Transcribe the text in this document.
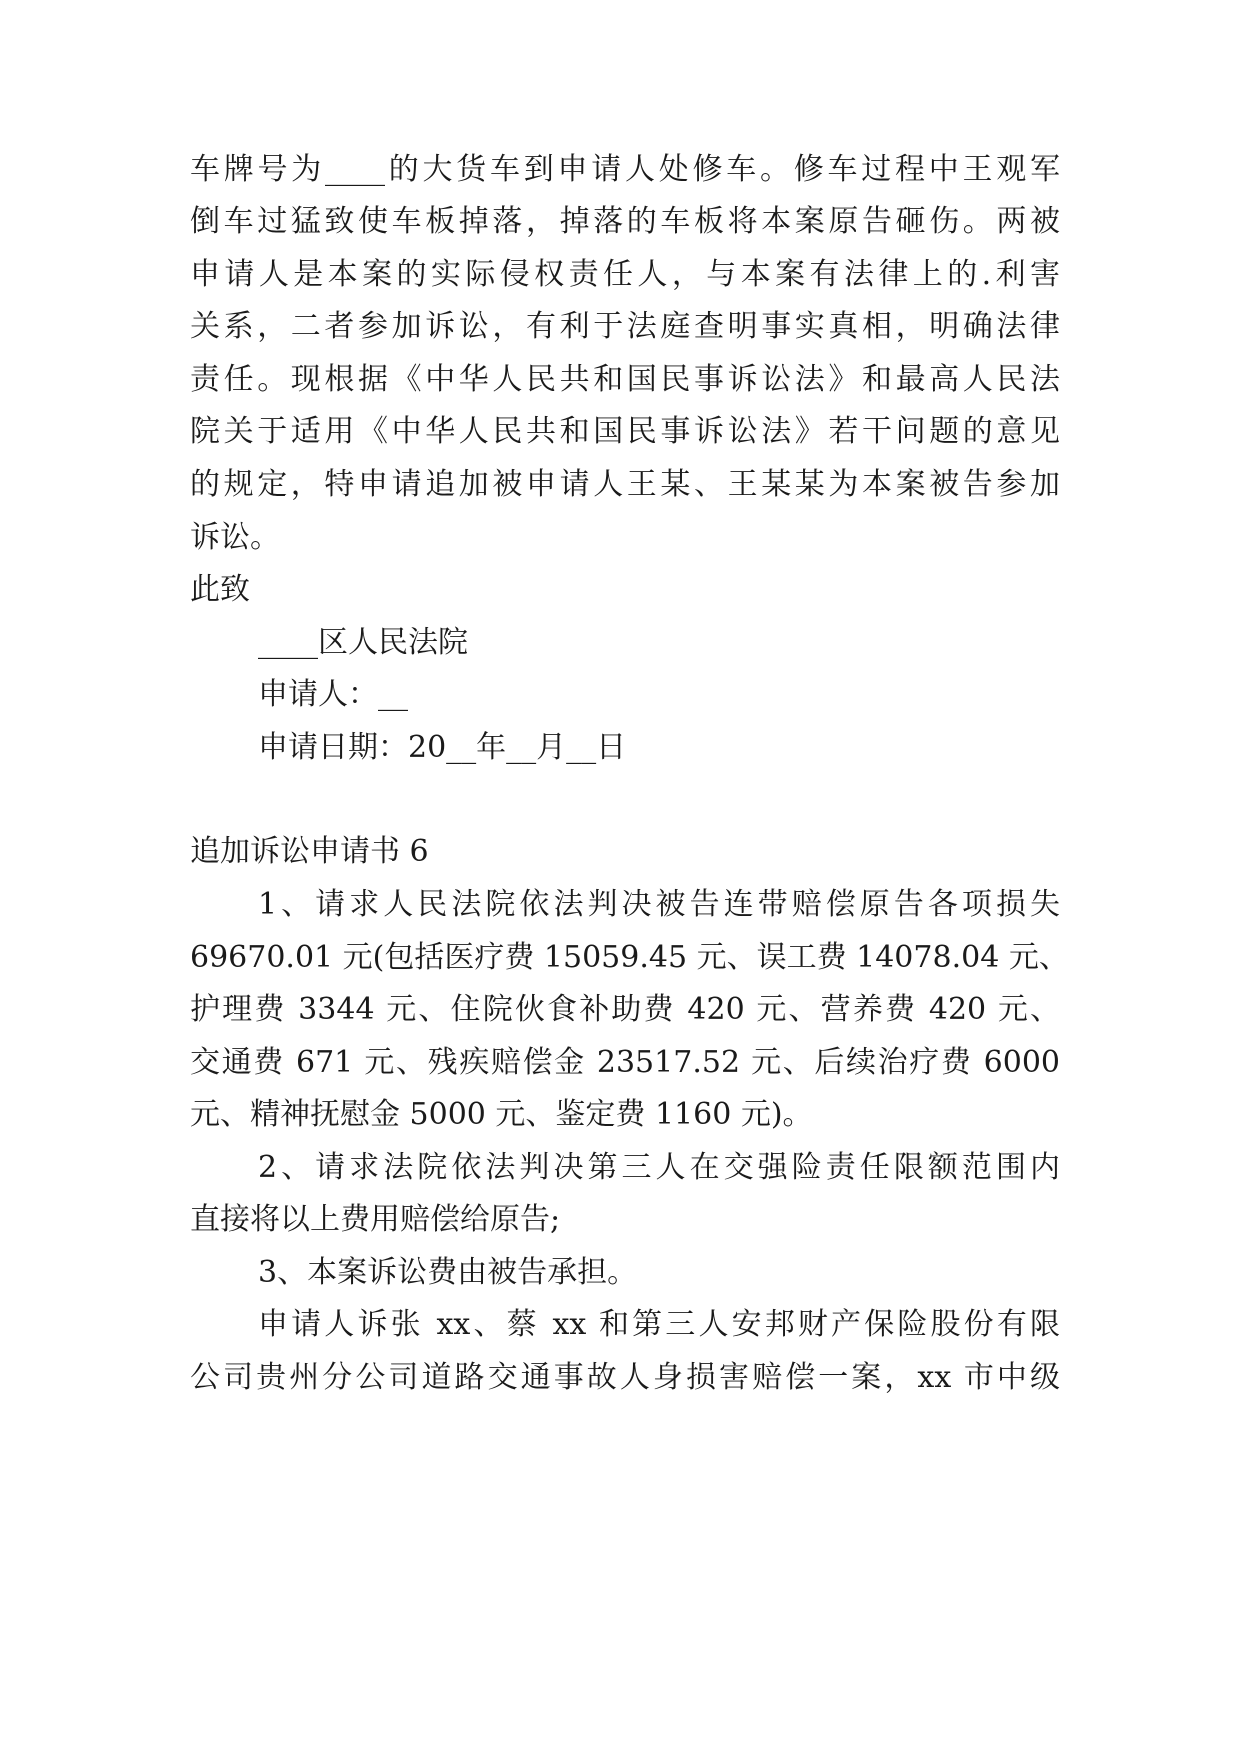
车牌号为____的大货车到申请人处修车。修车过程中王观军
倒车过猛致使车板掉落，掉落的车板将本案原告砸伤。两被
申请人是本案的实际侵权责任人，与本案有法律上的.利害
关系，二者参加诉讼，有利于法庭查明事实真相，明确法律
责任。现根据《中华人民共和国民事诉讼法》和最高人民法
院关于适用《中华人民共和国民事诉讼法》若干问题的意见
的规定，特申请追加被申请人王某、王某某为本案被告参加
诉讼。
此致
____区人民法院
申请人：__
申请日期：20__年__月__日
追加诉讼申请书 6
1、请求人民法院依法判决被告连带赔偿原告各项损失
69670.01 元(包括医疗费 15059.45 元、误工费 14078.04 元、
护理费 3344 元、住院伙食补助费 420 元、营养费 420 元、
交通费 671 元、残疾赔偿金 23517.52 元、后续治疗费 6000
元、精神抚慰金 5000 元、鉴定费 1160 元)。
2、请求法院依法判决第三人在交强险责任限额范围内
直接将以上费用赔偿给原告;
3、本案诉讼费由被告承担。
申请人诉张 xx、蔡 xx 和第三人安邦财产保险股份有限
公司贵州分公司道路交通事故人身损害赔偿一案，xx 市中级
